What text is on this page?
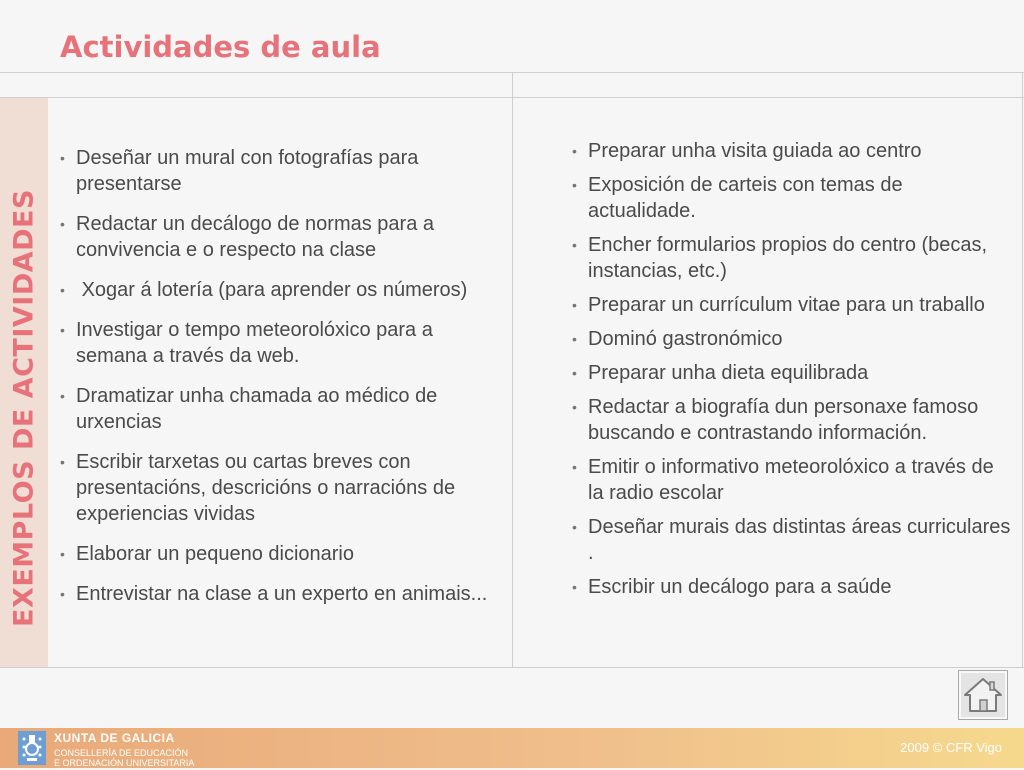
Actividades de aula
EXEMPLOS DE ACTIVIDADES
• Deseñar un mural con fotografías para presentarse
• Redactar un decálogo de normas para a convivencia e o respecto na clase
• Xogar á lotería (para aprender os números)
• Investigar o tempo meteorolóxico para a semana a través da web.
• Dramatizar unha chamada ao médico de urxencias
• Escribir tarxetas ou cartas breves con presentacións, descricións o narracións de experiencias vividas
• Elaborar un pequeno dicionario
• Entrevistar na clase a un experto en animais...
• Preparar unha visita guiada ao centro
• Exposición de carteis con temas de actualidade.
• Encher formularios propios do centro (becas, instancias, etc.)
• Preparar un currículum vitae para un traballo
• Dominó gastronómico
• Preparar unha dieta equilibrada
• Redactar a biografía dun personaxe famoso buscando e contrastando información.
• Emitir o informativo meteorolóxico a través de la radio escolar
• Deseñar murais das distintas áreas curriculares .
• Escribir un decálogo para a saúde
XUNTA DE GALICIA
CONSELLERÍA DE EDUCACIÓN
E ORDENACIÓN UNIVERSITARIA
2009 © CFR Vigo
